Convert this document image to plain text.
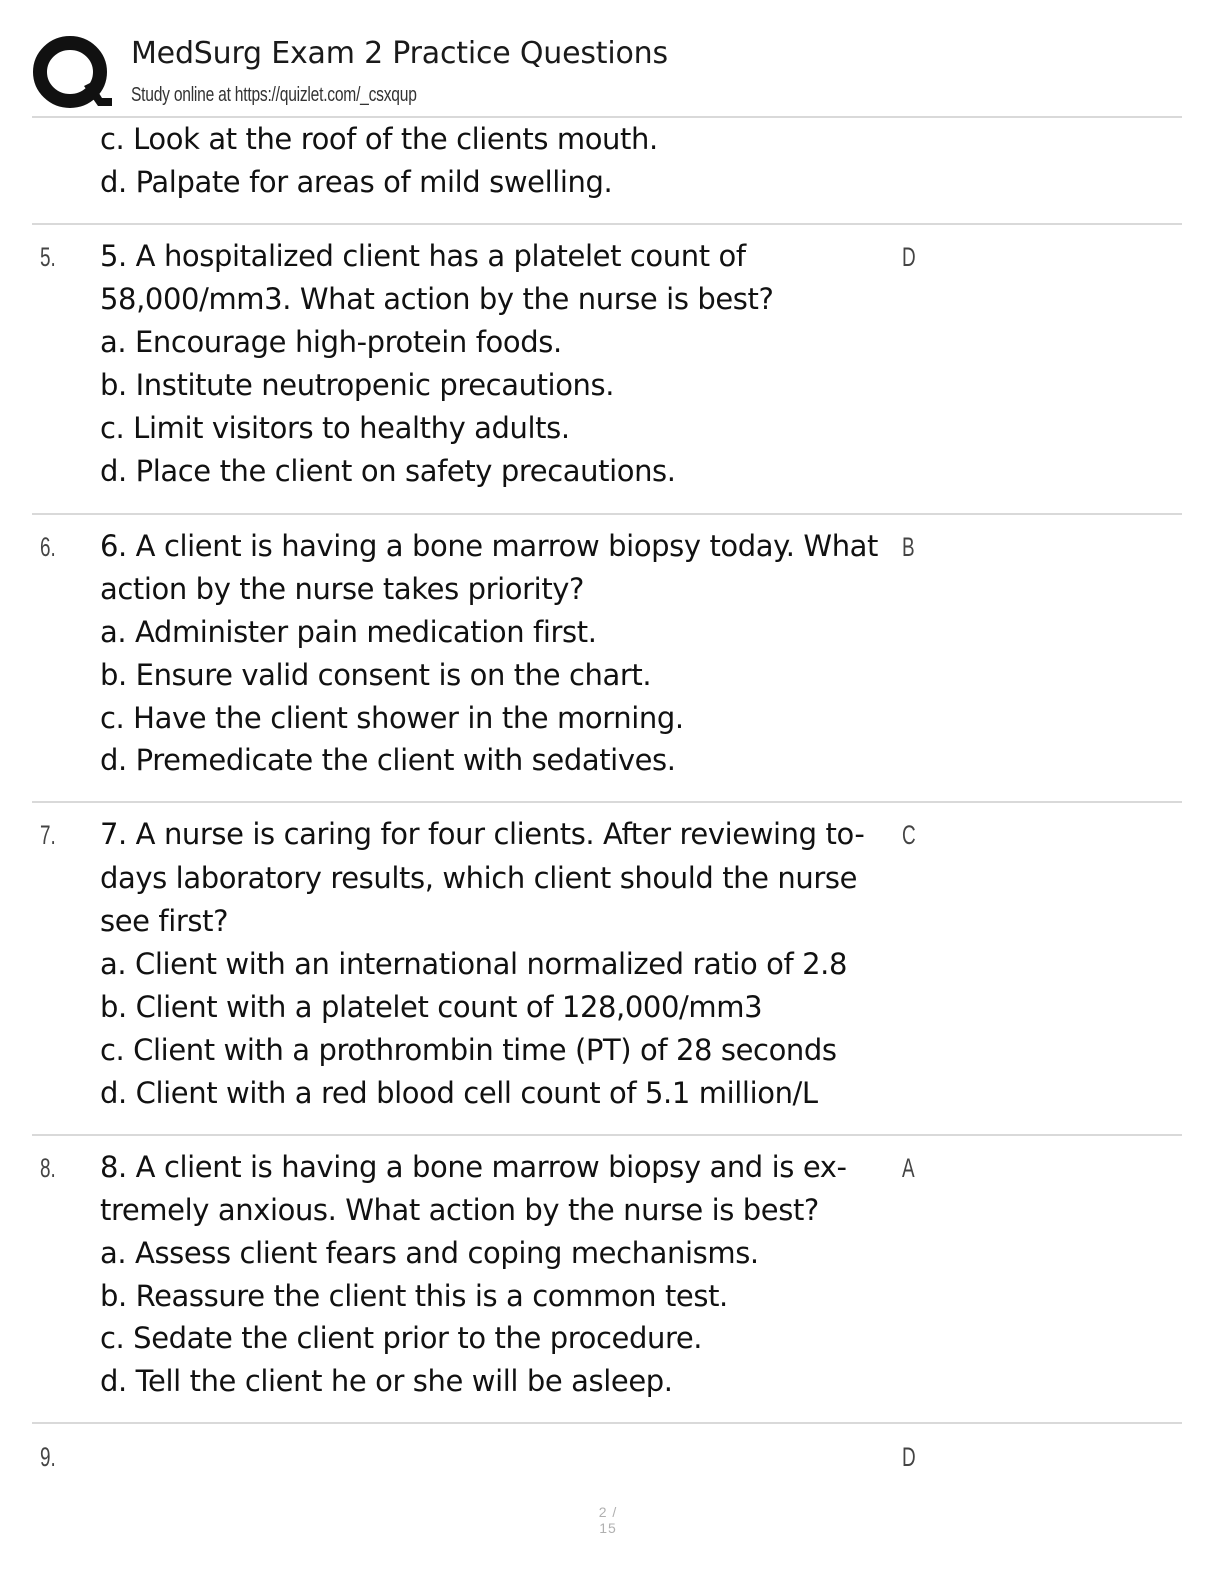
MedSurg Exam 2 Practice Questions
Study online at https://quizlet.com/_csxqup
c. Look at the roof of the clients mouth.
d. Palpate for areas of mild swelling.
5. 5. A hospitalized client has a platelet count of
58,000/mm3. What action by the nurse is best?
a. Encourage high-protein foods.
b. Institute neutropenic precautions.
c. Limit visitors to healthy adults.
d. Place the client on safety precautions.
D
6. 6. A client is having a bone marrow biopsy today. What
action by the nurse takes priority?
a. Administer pain medication first.
b. Ensure valid consent is on the chart.
c. Have the client shower in the morning.
d. Premedicate the client with sedatives.
B
7. 7. A nurse is caring for four clients. After reviewing to-
days laboratory results, which client should the nurse
see first?
a. Client with an international normalized ratio of 2.8
b. Client with a platelet count of 128,000/mm3
c. Client with a prothrombin time (PT) of 28 seconds
d. Client with a red blood cell count of 5.1 million/L
C
8. 8. A client is having a bone marrow biopsy and is ex-
tremely anxious. What action by the nurse is best?
a. Assess client fears and coping mechanisms.
b. Reassure the client this is a common test.
c. Sedate the client prior to the procedure.
d. Tell the client he or she will be asleep.
A
9.	D
2 / 15
